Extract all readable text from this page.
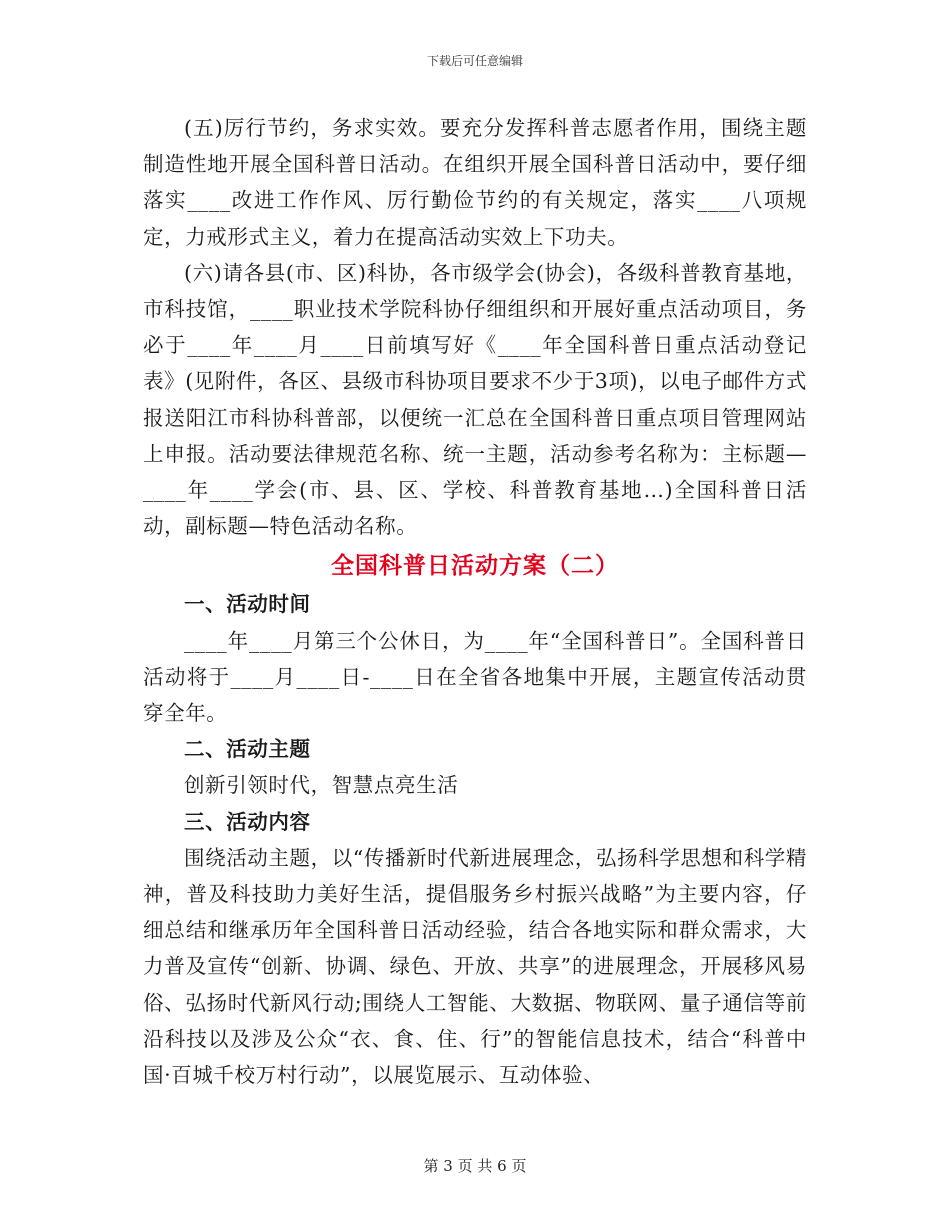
下载后可任意编辑

(五)厉行节约，务求实效。要充分发挥科普志愿者作用，围绕主题制造性地开展全国科普日活动。在组织开展全国科普日活动中，要仔细落实____改进工作作风、厉行勤俭节约的有关规定，落实____八项规定，力戒形式主义，着力在提高活动实效上下功夫。

(六)请各县(市、区)科协，各市级学会(协会)，各级科普教育基地，市科技馆，____职业技术学院科协仔细组织和开展好重点活动项目，务必于____年____月____日前填写好《____年全国科普日重点活动登记表》(见附件，各区、县级市科协项目要求不少于3项)，以电子邮件方式报送阳江市科协科普部，以便统一汇总在全国科普日重点项目管理网站上申报。活动要法律规范名称、统一主题，活动参考名称为：主标题—____年____学会(市、县、区、学校、科普教育基地…)全国科普日活动，副标题—特色活动名称。

全国科普日活动方案（二）
一、活动时间

____年____月第三个公休日，为____年“全国科普日”。全国科普日活动将于____月____日-____日在全省各地集中开展，主题宣传活动贯穿全年。

二、活动主题

创新引领时代，智慧点亮生活

三、活动内容

围绕活动主题，以“传播新时代新进展理念，弘扬科学思想和科学精神，普及科技助力美好生活，提倡服务乡村振兴战略”为主要内容，仔细总结和继承历年全国科普日活动经验，结合各地实际和群众需求，大力普及宣传“创新、协调、绿色、开放、共享”的进展理念，开展移风易俗、弘扬时代新风行动;围绕人工智能、大数据、物联网、量子通信等前沿科技以及涉及公众“衣、食、住、行”的智能信息技术，结合“科普中国·百城千校万村行动”，以展览展示、互动体验、

第 3 页 共 6 页
